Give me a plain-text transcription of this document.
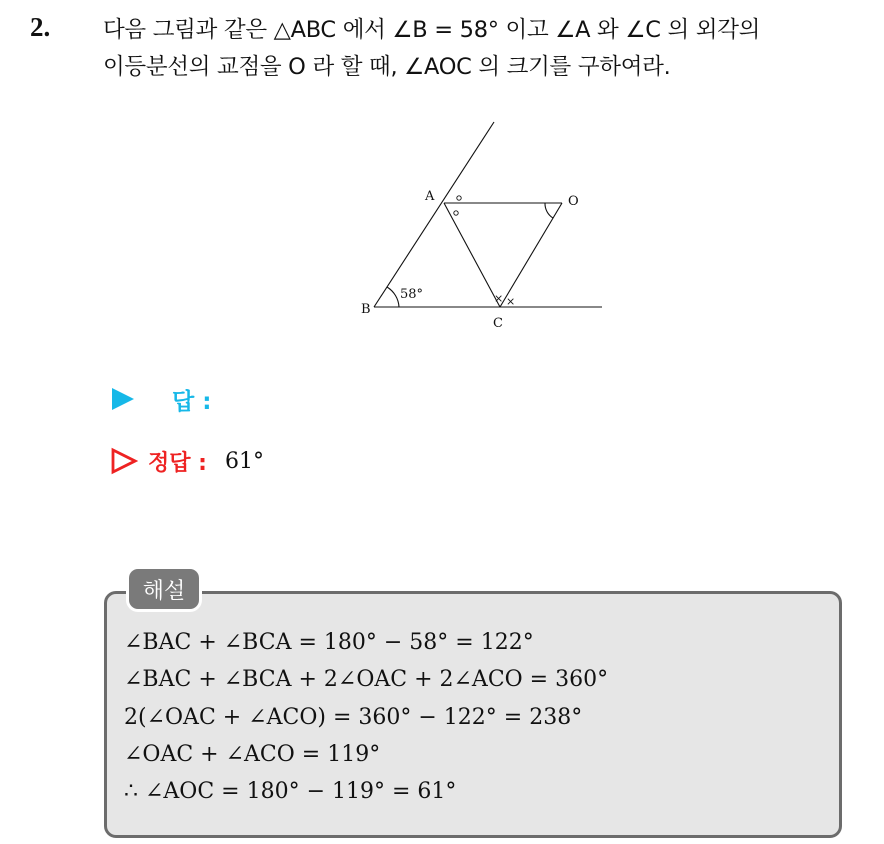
2. 다음 그림과 같은 △ABC 에서 ∠B = 58° 이고 ∠A 와 ∠C 의 외각의
이등분선의 교점을 O 라 할 때, ∠AOC 의 크기를 구하여라.
× ×
A
B
C
O
58°
답 :
정답 : 61°
해설
∠BAC + ∠BCA = 180° − 58° = 122°
∠BAC + ∠BCA + 2∠OAC + 2∠ACO = 360°
2(∠OAC + ∠ACO) = 360° − 122° = 238°
∠OAC + ∠ACO = 119°
∴ ∠AOC = 180° − 119° = 61°
